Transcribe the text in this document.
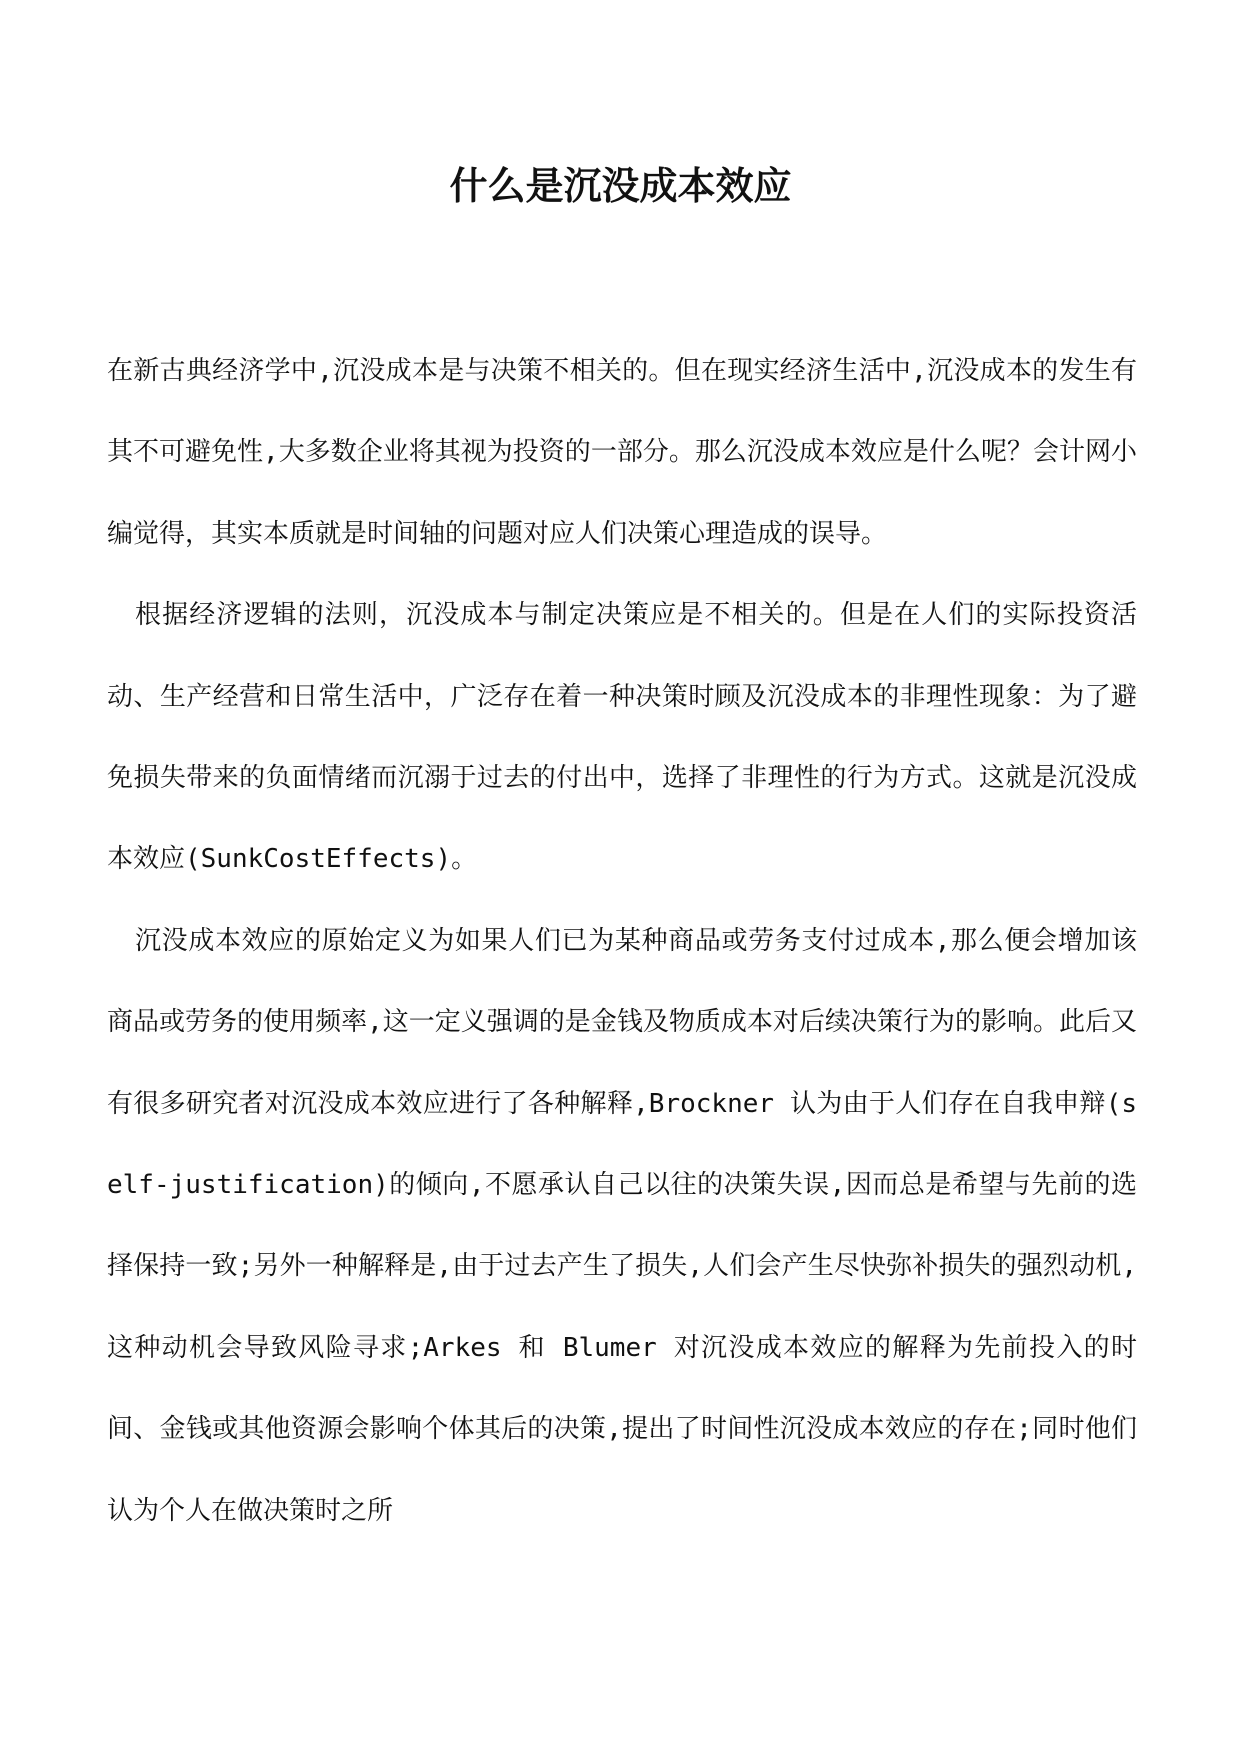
什么是沉没成本效应

在新古典经济学中,沉没成本是与决策不相关的。但在现实经济生活中,沉没成本的发生有其不可避免性,大多数企业将其视为投资的一部分。那么沉没成本效应是什么呢？会计网小编觉得，其实本质就是时间轴的问题对应人们决策心理造成的误导。

根据经济逻辑的法则，沉没成本与制定决策应是不相关的。但是在人们的实际投资活动、生产经营和日常生活中，广泛存在着一种决策时顾及沉没成本的非理性现象：为了避免损失带来的负面情绪而沉溺于过去的付出中，选择了非理性的行为方式。这就是沉没成本效应(SunkCostEffects)。

沉没成本效应的原始定义为如果人们已为某种商品或劳务支付过成本,那么便会增加该商品或劳务的使用频率,这一定义强调的是金钱及物质成本对后续决策行为的影响。此后又有很多研究者对沉没成本效应进行了各种解释,Brockner 认为由于人们存在自我申辩(self-justification)的倾向,不愿承认自己以往的决策失误,因而总是希望与先前的选择保持一致;另外一种解释是,由于过去产生了损失,人们会产生尽快弥补损失的强烈动机,这种动机会导致风险寻求;Arkes 和 Blumer 对沉没成本效应的解释为先前投入的时间、金钱或其他资源会影响个体其后的决策,提出了时间性沉没成本效应的存在;同时他们认为个人在做决策时之所
